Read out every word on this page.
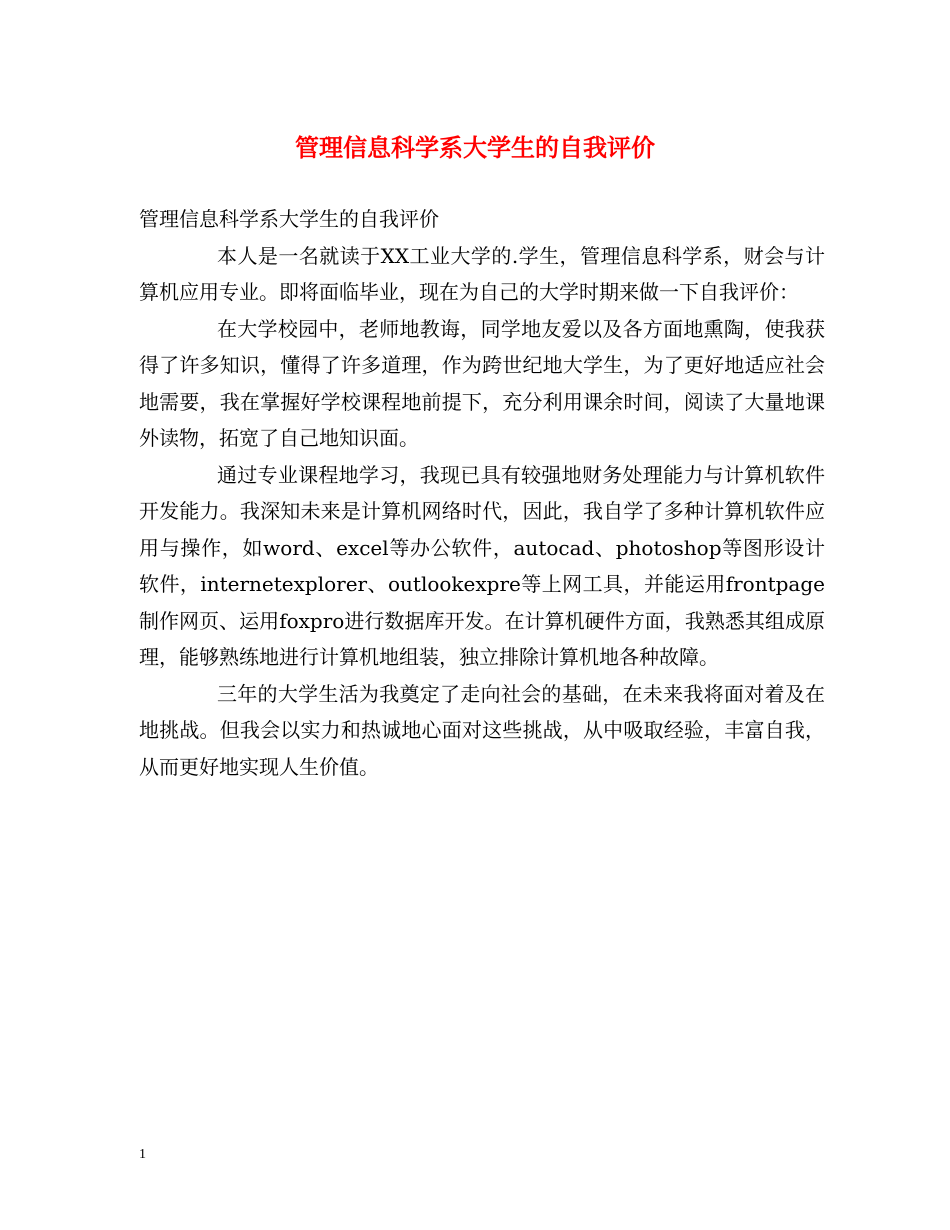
管理信息科学系大学生的自我评价

管理信息科学系大学生的自我评价

本人是一名就读于XX工业大学的.学生，管理信息科学系，财会与计算机应用专业。即将面临毕业，现在为自己的大学时期来做一下自我评价：

在大学校园中，老师地教诲，同学地友爱以及各方面地熏陶，使我获得了许多知识，懂得了许多道理，作为跨世纪地大学生，为了更好地适应社会地需要，我在掌握好学校课程地前提下，充分利用课余时间，阅读了大量地课外读物，拓宽了自己地知识面。

通过专业课程地学习，我现已具有较强地财务处理能力与计算机软件开发能力。我深知未来是计算机网络时代，因此，我自学了多种计算机软件应用与操作，如word、excel等办公软件，autocad、photoshop等图形设计软件，internetexplorer、outlookexpre等上网工具，并能运用frontpage制作网页、运用foxpro进行数据库开发。在计算机硬件方面，我熟悉其组成原理，能够熟练地进行计算机地组装，独立排除计算机地各种故障。

三年的大学生活为我奠定了走向社会的基础，在未来我将面对着及在地挑战。但我会以实力和热诚地心面对这些挑战，从中吸取经验，丰富自我，从而更好地实现人生价值。

1
